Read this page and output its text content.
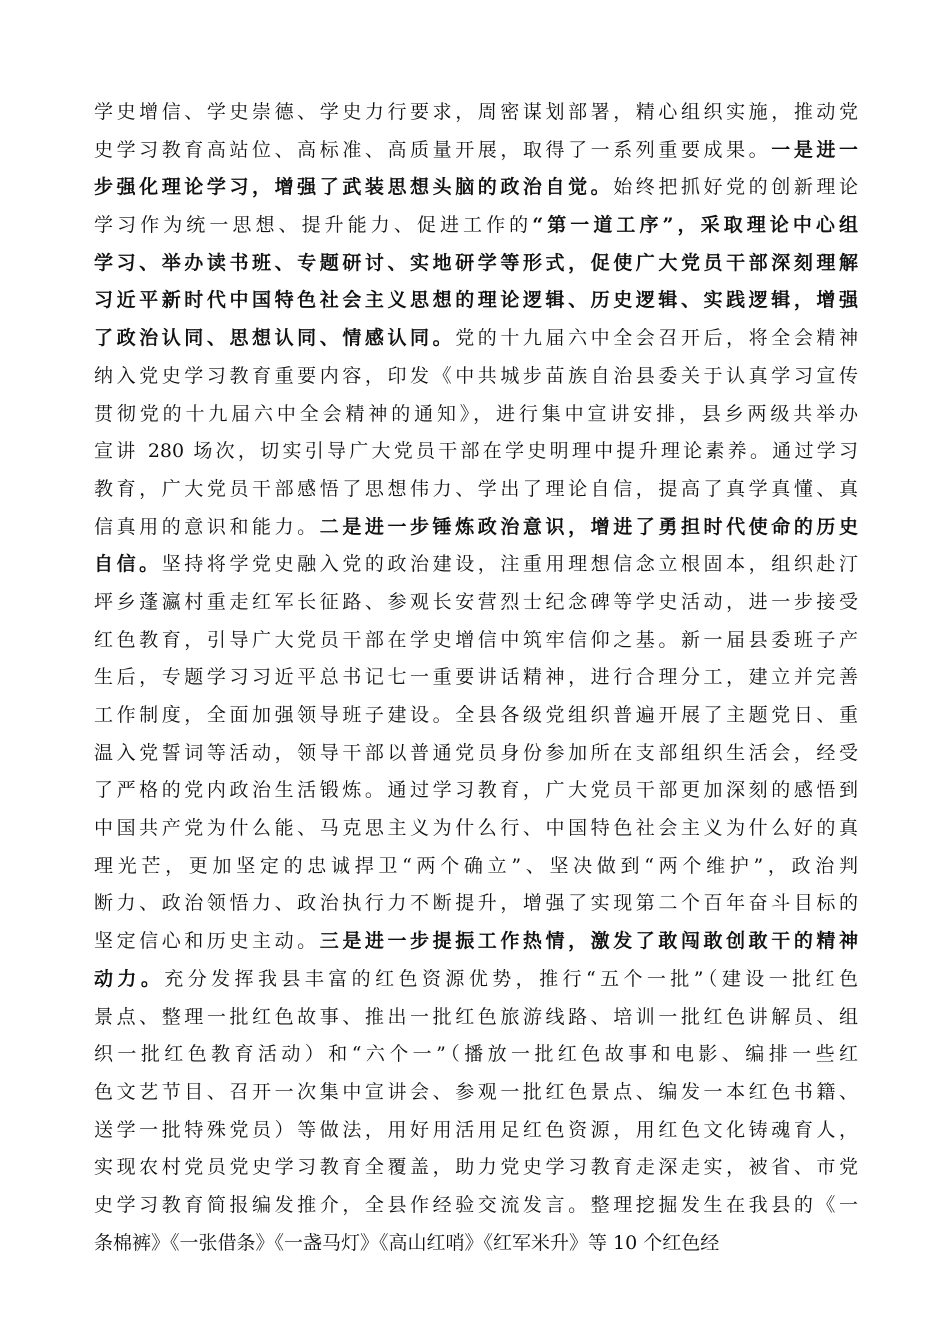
学史增信、学史崇德、学史力行要求，周密谋划部署，精心组织实施，推动党
史学习教育高站位、高标准、高质量开展，取得了一系列重要成果。一是进一
步强化理论学习，增强了武装思想头脑的政治自觉。始终把抓好党的创新理论
学习作为统一思想、提升能力、促进工作的“第一道工序”，采取理论中心组
学习、举办读书班、专题研讨、实地研学等形式，促使广大党员干部深刻理解
习近平新时代中国特色社会主义思想的理论逻辑、历史逻辑、实践逻辑，增强
了政治认同、思想认同、情感认同。党的十九届六中全会召开后，将全会精神
纳入党史学习教育重要内容，印发《中共城步苗族自治县委关于认真学习宣传
贯彻党的十九届六中全会精神的通知》，进行集中宣讲安排，县乡两级共举办
宣讲 280 场次，切实引导广大党员干部在学史明理中提升理论素养。通过学习
教育，广大党员干部感悟了思想伟力、学出了理论自信，提高了真学真懂、真
信真用的意识和能力。二是进一步锤炼政治意识，增进了勇担时代使命的历史
自信。坚持将学党史融入党的政治建设，注重用理想信念立根固本，组织赴汀
坪乡蓬瀛村重走红军长征路、参观长安营烈士纪念碑等学史活动，进一步接受
红色教育，引导广大党员干部在学史增信中筑牢信仰之基。新一届县委班子产
生后，专题学习习近平总书记七一重要讲话精神，进行合理分工，建立并完善
工作制度，全面加强领导班子建设。全县各级党组织普遍开展了主题党日、重
温入党誓词等活动，领导干部以普通党员身份参加所在支部组织生活会，经受
了严格的党内政治生活锻炼。通过学习教育，广大党员干部更加深刻的感悟到
中国共产党为什么能、马克思主义为什么行、中国特色社会主义为什么好的真
理光芒，更加坚定的忠诚捍卫“两个确立”、坚决做到“两个维护”，政治判
断力、政治领悟力、政治执行力不断提升，增强了实现第二个百年奋斗目标的
坚定信心和历史主动。三是进一步提振工作热情，激发了敢闯敢创敢干的精神
动力。充分发挥我县丰富的红色资源优势，推行“五个一批”（建设一批红色
景点、整理一批红色故事、推出一批红色旅游线路、培训一批红色讲解员、组
织一批红色教育活动）和“六个一”（播放一批红色故事和电影、编排一些红
色文艺节目、召开一次集中宣讲会、参观一批红色景点、编发一本红色书籍、
送学一批特殊党员）等做法，用好用活用足红色资源，用红色文化铸魂育人，
实现农村党员党史学习教育全覆盖，助力党史学习教育走深走实，被省、市党
史学习教育简报编发推介，全县作经验交流发言。整理挖掘发生在我县的《一
条棉裤》《一张借条》《一盏马灯》《高山红哨》《红军米升》等 10 个红色经
